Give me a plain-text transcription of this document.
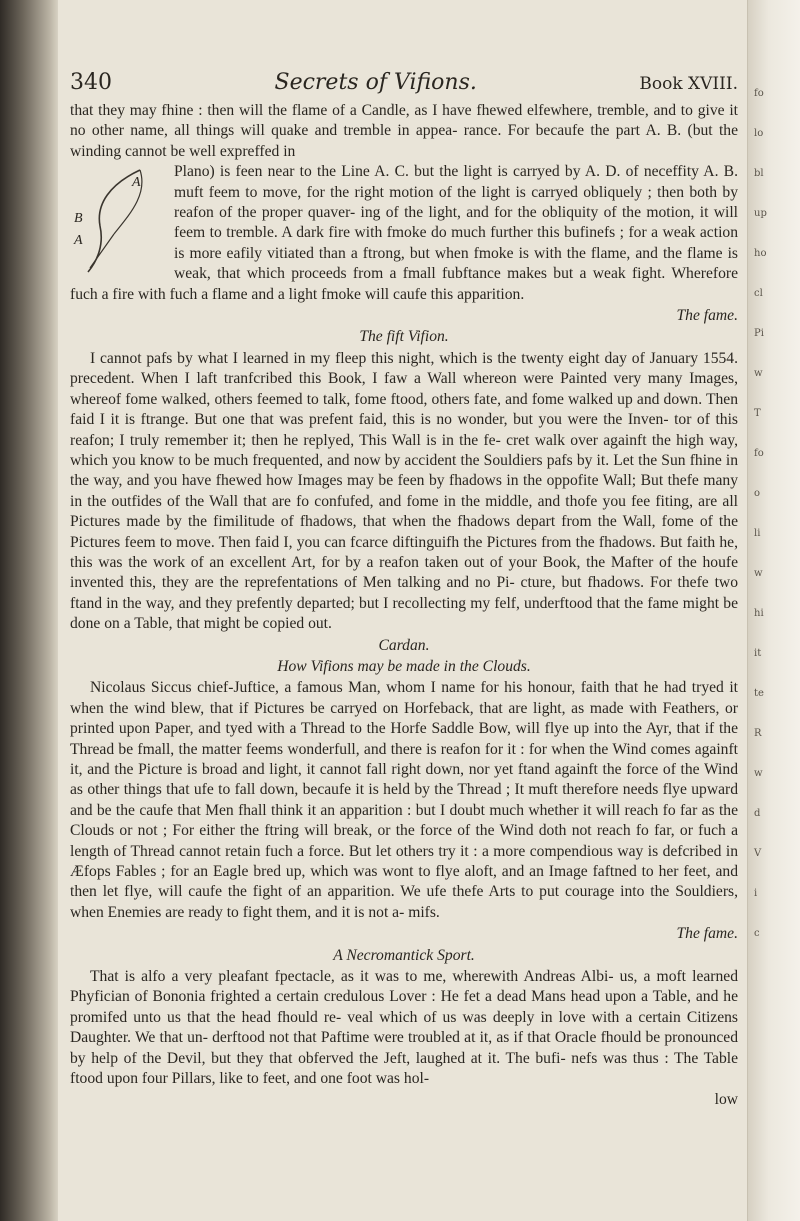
fo
lo
bl
up
ho
cl
Pi
w
T
fo
o
li
w
hi
it
te
R
w
d
V
i
c
340	Secrets of Vifions.	Book XVIII.

that they may fhine : then will the flame of a Candle, as I have fhewed elfewhere, tremble, and to give it no other name, all things will quake and tremble in appea- rance. For becaufe the part A. B. (but the winding cannot be well expreffed in

A
B
A

Plano) is feen near to the Line A. C. but the light is carryed by A. D. of neceffity A. B. muft feem to move, for the right motion of the light is carryed obliquely ; then both by reafon of the proper quaver- ing of the light, and for the obliquity of the motion, it will feem to tremble. A dark fire with fmoke do much further this bufinefs ; for a weak action is more eafily vitiated than a ftrong, but when fmoke is with the flame, and the flame is weak, that which proceeds from a fmall fubftance makes but a weak fight. Wherefore fuch a fire with fuch a flame and a light fmoke will caufe this apparition.

The fame.
The fift Vifion.

I cannot pafs by what I learned in my fleep this night, which is the twenty eight day of January 1554. precedent. When I laft tranfcribed this Book, I faw a Wall whereon were Painted very many Images, whereof fome walked, others feemed to talk, fome ftood, others fate, and fome walked up and down. Then faid I it is ftrange. But one that was prefent faid, this is no wonder, but you were the Inven- tor of this reafon; I truly remember it; then he replyed, This Wall is in the fe- cret walk over againft the high way, which you know to be much frequented, and now by accident the Souldiers pafs by it. Let the Sun fhine in the way, and you have fhewed how Images may be feen by fhadows in the oppofite Wall; But thefe many in the outfides of the Wall that are fo confufed, and fome in the middle, and thofe you fee fiting, are all Pictures made by the fimilitude of fhadows, that when the fhadows depart from the Wall, fome of the Pictures feem to move. Then faid I, you can fcarce diftinguifh the Pictures from the fhadows. But faith he, this was the work of an excellent Art, for by a reafon taken out of your Book, the Mafter of the houfe invented this, they are the reprefentations of Men talking and no Pi- cture, but fhadows. For thefe two ftand in the way, and they prefently departed; but I recollecting my felf, underftood that the fame might be done on a Table, that might be copied out.

Cardan.
How Vifions may be made in the Clouds.

Nicolaus Siccus chief-Juftice, a famous Man, whom I name for his honour, faith that he had tryed it when the wind blew, that if Pictures be carryed on Horfeback, that are light, as made with Feathers, or printed upon Paper, and tyed with a Thread to the Horfe Saddle Bow, will flye up into the Ayr, that if the Thread be fmall, the matter feems wonderfull, and there is reafon for it : for when the Wind comes againft it, and the Picture is broad and light, it cannot fall right down, nor yet ftand againft the force of the Wind as other things that ufe to fall down, becaufe it is held by the Thread ; It muft therefore needs flye upward and be the caufe that Men fhall think it an apparition : but I doubt much whether it will reach fo far as the Clouds or not ; For either the ftring will break, or the force of the Wind doth not reach fo far, or fuch a length of Thread cannot retain fuch a force. But let others try it : a more compendious way is defcribed in Æfops Fables ; for an Eagle bred up, which was wont to flye aloft, and an Image faftned to her feet, and then let flye, will caufe the fight of an apparition. We ufe thefe Arts to put courage into the Souldiers, when Enemies are ready to fight them, and it is not a- mifs.

The fame.
A Necromantick Sport.

That is alfo a very pleafant fpectacle, as it was to me, wherewith Andreas Albi- us, a moft learned Phyfician of Bononia frighted a certain credulous Lover : He fet a dead Mans head upon a Table, and he promifed unto us that the head fhould re- veal which of us was deeply in love with a certain Citizens Daughter. We that un- derftood not that Paftime were troubled at it, as if that Oracle fhould be pronounced by help of the Devil, but they that obferved the Jeft, laughed at it. The bufi- nefs was thus : The Table ftood upon four Pillars, like to feet, and one foot was hol-

low
